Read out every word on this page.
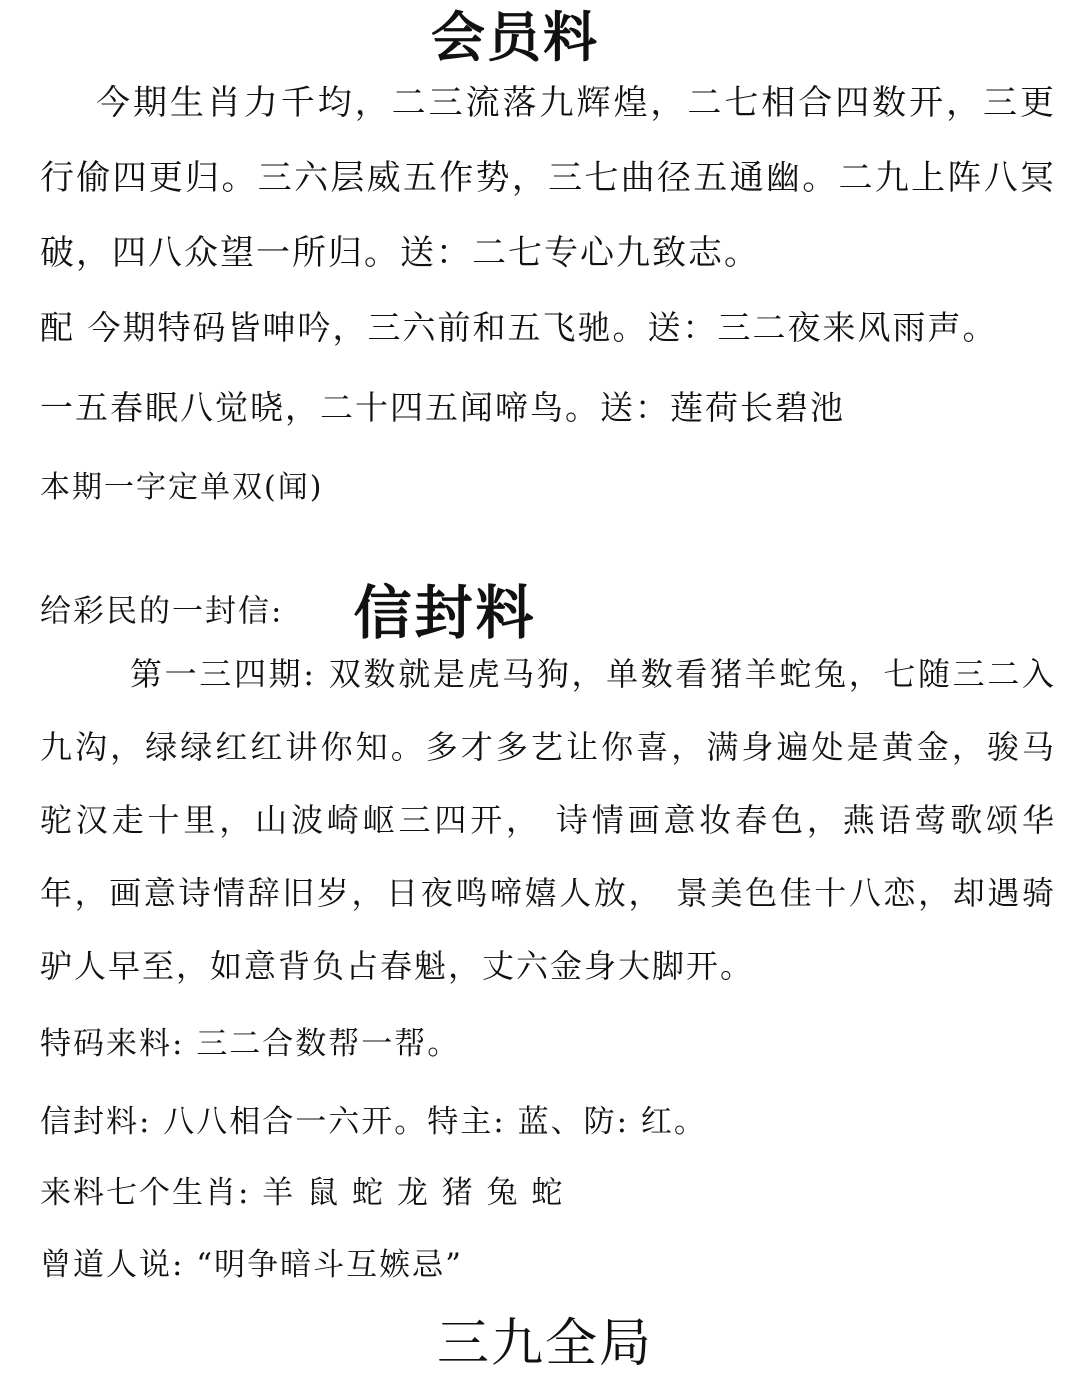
会员料

今期生肖力千均，二三流落九辉煌，二七相合四数开，三更行偷四更归。三六层威五作势，三七曲径五通幽。二九上阵八冥破，四八众望一所归。送：二七专心九致志。

配 今期特码皆呻吟，三六前和五飞驰。送：三二夜来风雨声。

一五春眠八觉晓，二十四五闻啼鸟。送：莲荷长碧池

本期一字定单双(闻)

给彩民的一封信: 信封料

第一三四期: 双数就是虎马狗，单数看猪羊蛇兔，七随三二入九沟，绿绿红红讲你知。多才多艺让你喜，满身遍处是黄金，骏马驼汉走十里，山波崎岖三四开， 诗情画意妆春色，燕语莺歌颂华年，画意诗情辞旧岁，日夜鸣啼嬉人放， 景美色佳十八恋，却遇骑驴人早至，如意背负占春魁，丈六金身大脚开。

特码来料: 三二合数帮一帮。

信封料: 八八相合一六开。特主: 蓝、防: 红。

来料七个生肖: 羊 鼠 蛇 龙 猪 兔 蛇

曾道人说: “明争暗斗互嫉忌”

三九全局
